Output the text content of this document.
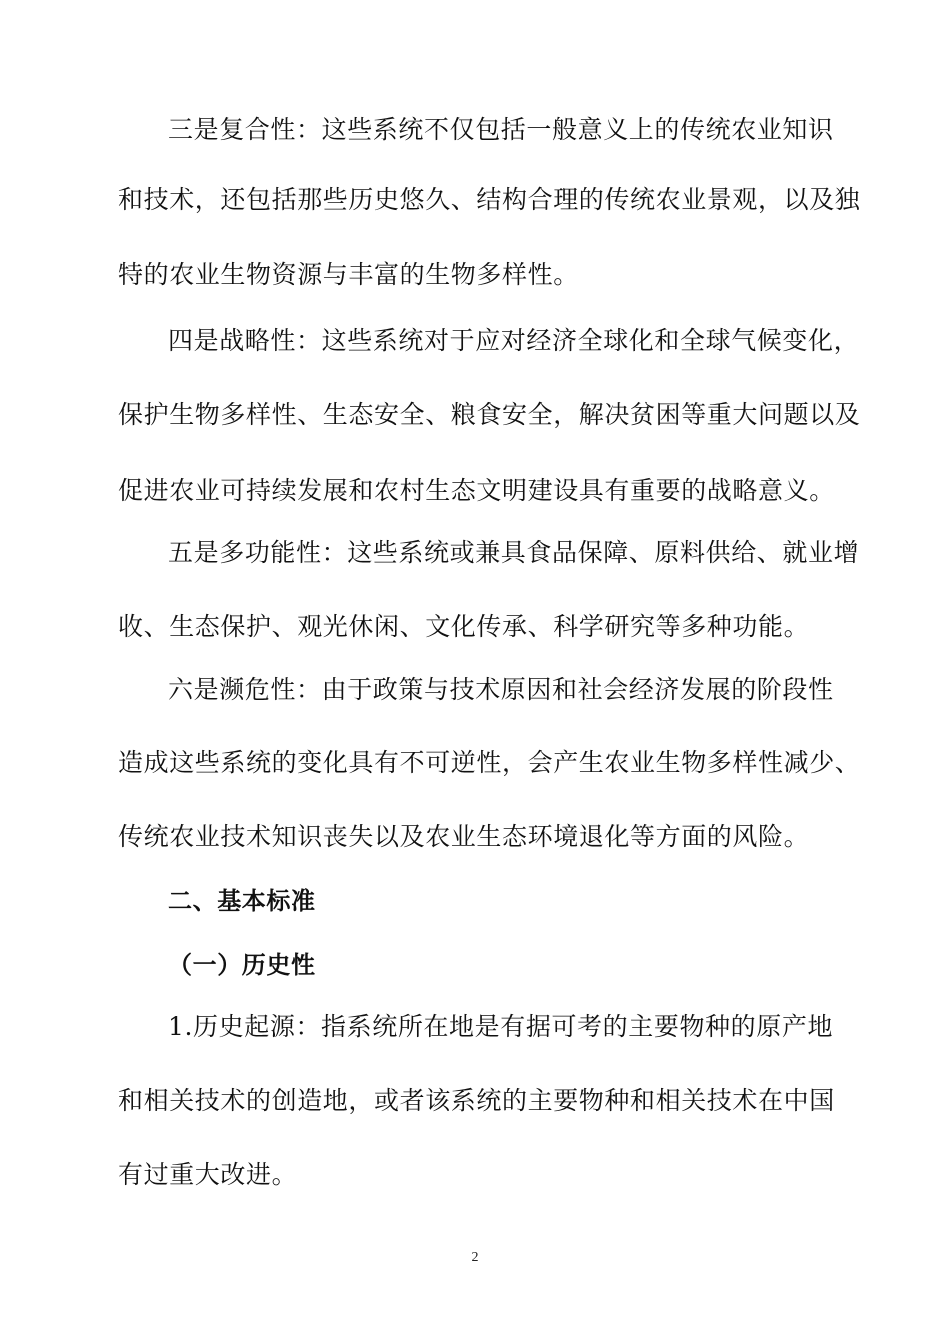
三是复合性：这些系统不仅包括一般意义上的传统农业知识
和技术，还包括那些历史悠久、结构合理的传统农业景观，以及独
特的农业生物资源与丰富的生物多样性。
四是战略性：这些系统对于应对经济全球化和全球气候变化，
保护生物多样性、生态安全、粮食安全，解决贫困等重大问题以及
促进农业可持续发展和农村生态文明建设具有重要的战略意义。
五是多功能性：这些系统或兼具食品保障、原料供给、就业增
收、生态保护、观光休闲、文化传承、科学研究等多种功能。
六是濒危性：由于政策与技术原因和社会经济发展的阶段性
造成这些系统的变化具有不可逆性，会产生农业生物多样性减少、
传统农业技术知识丧失以及农业生态环境退化等方面的风险。
二、基本标准
（一）历史性
1.历史起源：指系统所在地是有据可考的主要物种的原产地
和相关技术的创造地，或者该系统的主要物种和相关技术在中国
有过重大改进。
2
